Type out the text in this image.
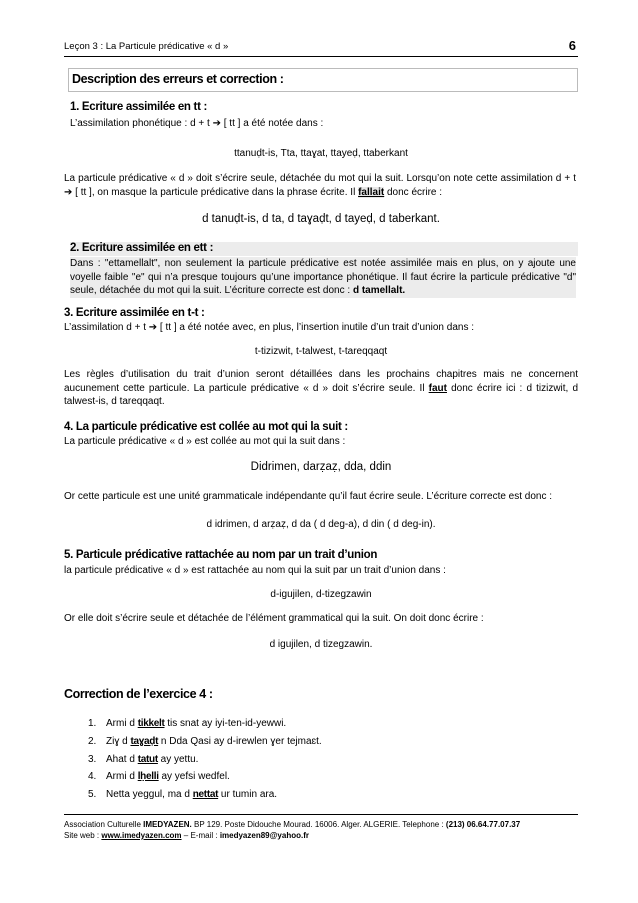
Leçon 3 : La Particule prédicative « d »	6
Description des erreurs et correction :
1. Ecriture assimilée en tt :
L’assimilation phonétique : d + t ➔ [ tt ] a été notée dans :
ttanuḍt-is, Tta, ttaɣat, ttayeḍ, ttaberkant
La particule prédicative « d » doit s’écrire seule, détachée du mot qui la suit. Lorsqu’on note cette assimilation d + t ➔ [ tt ], on masque la particule prédicative dans la phrase écrite. Il fallait donc écrire :
d tanuḍt-is, d ta, d taɣaḍt, d tayeḍ, d taberkant.
2. Ecriture assimilée en ett :
Dans : "ettamellalt", non seulement la particule prédicative est notée assimilée mais en plus, on y ajoute une voyelle faible "e" qui n’a presque toujours qu’une importance phonétique. Il faut écrire la particule prédicative "d" seule, détachée du mot qui la suit. L’écriture correcte est donc : d tamellalt.
3. Ecriture assimilée en t-t :
L’assimilation d + t ➔ [ tt ] a été notée avec, en plus, l’insertion inutile d’un trait d’union dans :
t-tizizwit, t-talwest, t-tareqqaqt
Les règles d’utilisation du trait d’union seront détaillées dans les prochains chapitres mais ne concernent aucunement cette particule. La particule prédicative « d » doit s’écrire seule. Il faut donc écrire ici : d tizizwit, d talwest-is, d tareqqaqt.
4. La particule prédicative est collée au mot qui la suit :
La particule prédicative « d » est collée au mot qui la suit dans :
Didrimen, darẓaẓ, dda, ddin
Or cette particule est une unité grammaticale indépendante qu’il faut écrire seule. L’écriture correcte est donc :
d idrimen, d arẓaẓ, d da ( d deg-a), d din ( d deg-in).
5. Particule prédicative rattachée au nom par un trait d’union
la particule prédicative « d » est rattachée au nom qui la suit par un trait d’union dans :
d-igujilen, d-tizegzawin
Or elle doit s’écrire seule et détachée de l’élément grammatical qui la suit. On doit donc écrire :
d igujilen, d tizegzawin.
Correction de l’exercice 4 :
1. Armi d tikkelt tis snat ay iyi-ten-id-yewwi.
2. Ziɣ d taɣaḍt n Dda Qasi ay d-irewlen ɣer tejmaɛt.
3. Ahat d tatut ay yettu.
4. Armi d lḥelli ay yefsi wedfel.
5. Netta yeggul, ma d nettat ur tumin ara.
Association Culturelle IMEDYAZEN. BP 129. Poste Didouche Mourad. 16006. Alger. ALGERIE. Telephone : (213) 06.64.77.07.37
Site web : www.imedyazen.com – E-mail : imedyazen89@yahoo.fr
